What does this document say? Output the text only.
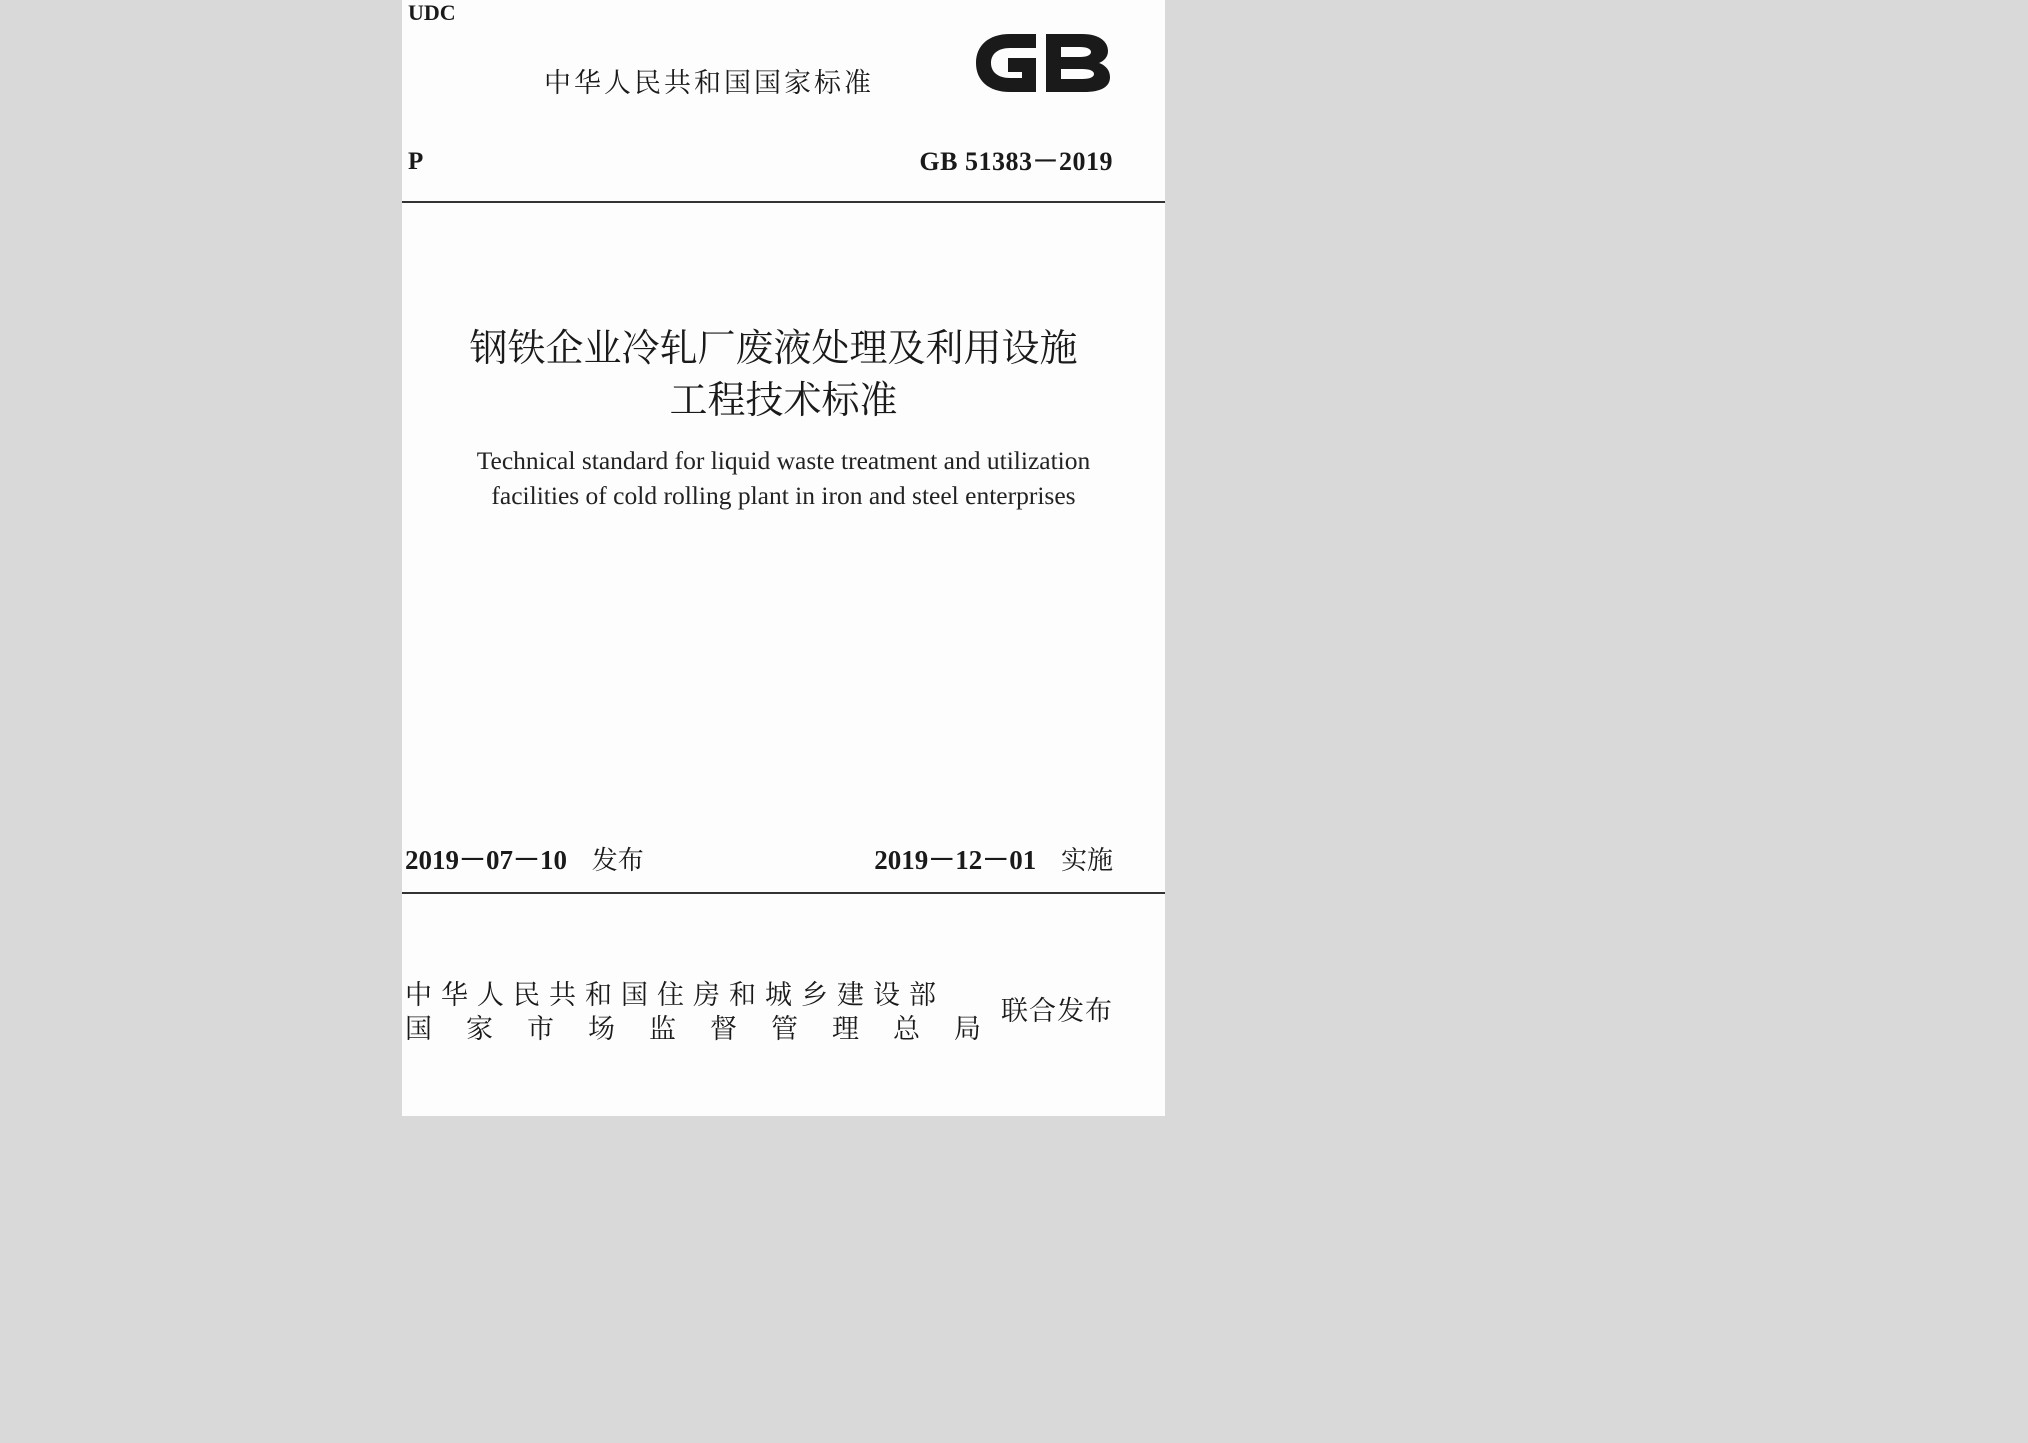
UDC
中华人民共和国国家标准
P	GB 51383－2019
钢铁企业冷轧厂废液处理及利用设施
工程技术标准
Technical standard for liquid waste treatment and utilization
facilities of cold rolling plant in iron and steel enterprises
2019－07－10 发布	2019－12－01 实施
中华人民共和国住房和城乡建设部
国 家 市 场 监 督 管 理 总 局
联合发布
